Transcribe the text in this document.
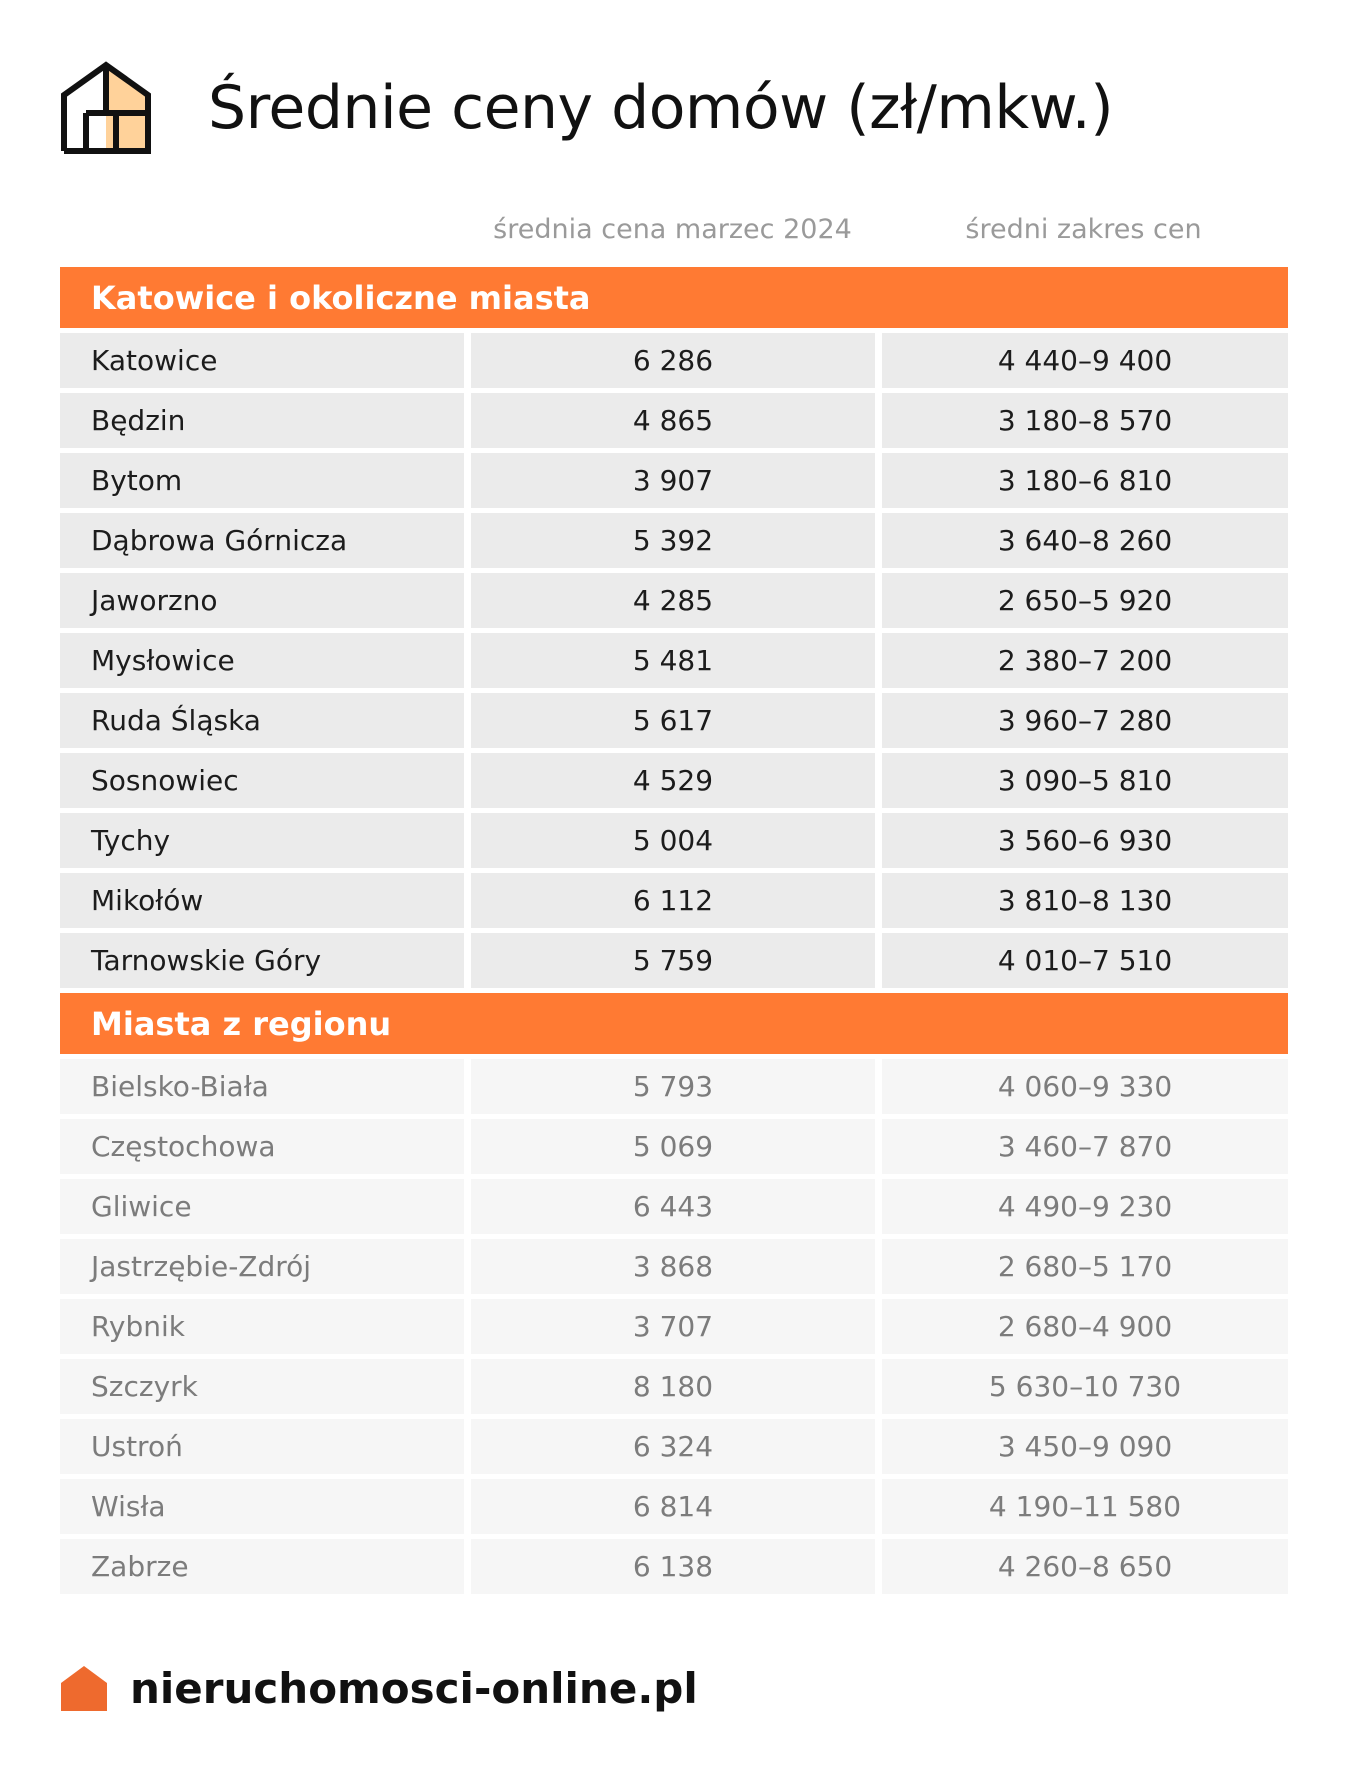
Średnie ceny domów (zł/mkw.)
średnia cena marzec 2024	średni zakres cen
Katowice i okoliczne miasta
Katowice	6 286	4 440–9 400
Będzin	4 865	3 180–8 570
Bytom	3 907	3 180–6 810
Dąbrowa Górnicza	5 392	3 640–8 260
Jaworzno	4 285	2 650–5 920
Mysłowice	5 481	2 380–7 200
Ruda Śląska	5 617	3 960–7 280
Sosnowiec	4 529	3 090–5 810
Tychy	5 004	3 560–6 930
Mikołów	6 112	3 810–8 130
Tarnowskie Góry	5 759	4 010–7 510
Miasta z regionu
Bielsko-Biała	5 793	4 060–9 330
Częstochowa	5 069	3 460–7 870
Gliwice	6 443	4 490–9 230
Jastrzębie-Zdrój	3 868	2 680–5 170
Rybnik	3 707	2 680–4 900
Szczyrk	8 180	5 630–10 730
Ustroń	6 324	3 450–9 090
Wisła	6 814	4 190–11 580
Zabrze	6 138	4 260–8 650
nieruchomosci-online.pl
